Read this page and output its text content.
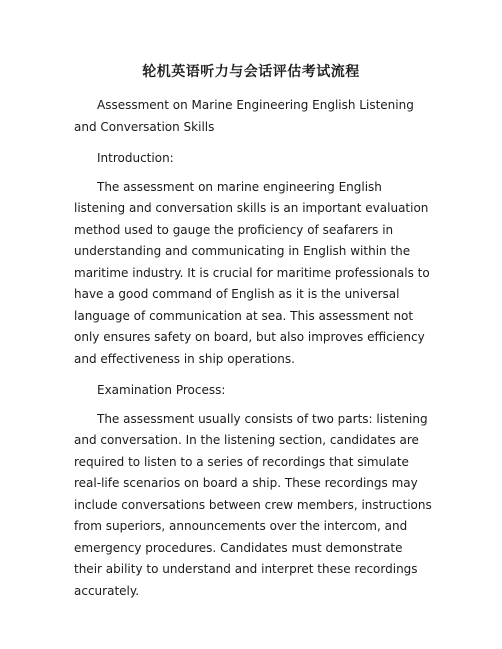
轮机英语听力与会话评估考试流程

Assessment on Marine Engineering English Listening and Conversation Skills

Introduction:

The assessment on marine engineering English listening and conversation skills is an important evaluation method used to gauge the proficiency of seafarers in understanding and communicating in English within the maritime industry. It is crucial for maritime professionals to have a good command of English as it is the universal language of communication at sea. This assessment not only ensures safety on board, but also improves efficiency and effectiveness in ship operations.

Examination Process:

The assessment usually consists of two parts: listening and conversation. In the listening section, candidates are required to listen to a series of recordings that simulate real-life scenarios on board a ship. These recordings may include conversations between crew members, instructions from superiors, announcements over the intercom, and emergency procedures. Candidates must demonstrate their ability to understand and interpret these recordings accurately.
